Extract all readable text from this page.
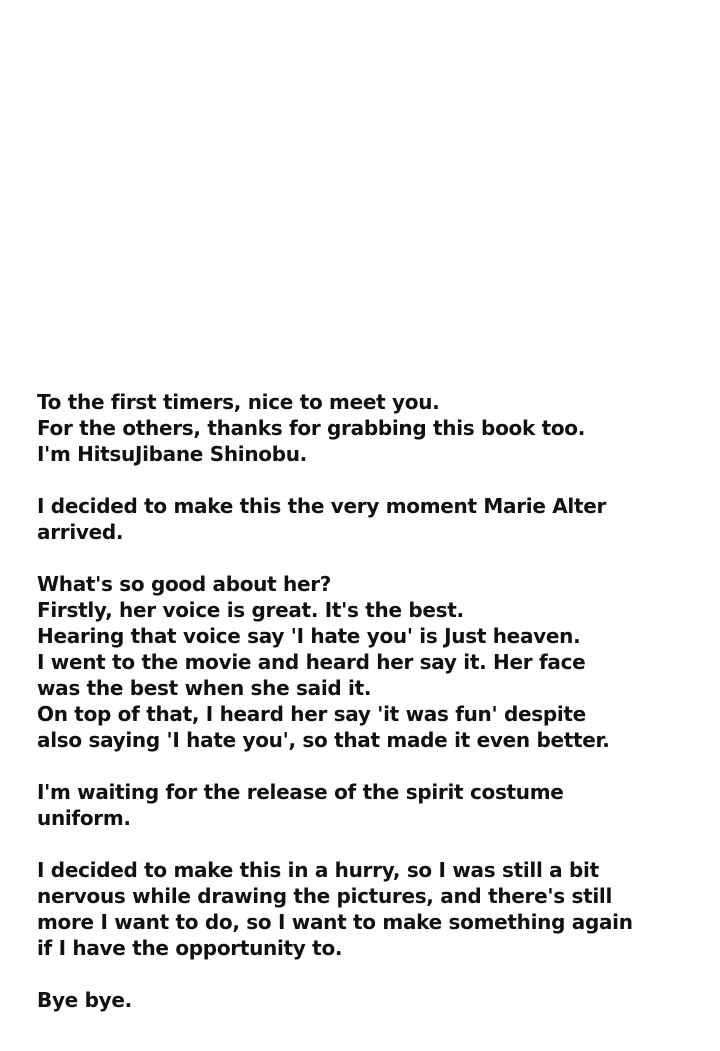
To the first timers, nice to meet you.
For the others, thanks for grabbing this book too.
I'm HitsuJibane Shinobu.

I decided to make this the very moment Marie Alter
arrived.

What's so good about her?
Firstly, her voice is great. It's the best.
Hearing that voice say 'I hate you' is Just heaven.
I went to the movie and heard her say it. Her face
was the best when she said it.
On top of that, I heard her say 'it was fun' despite
also saying 'I hate you', so that made it even better.

I'm waiting for the release of the spirit costume
uniform.

I decided to make this in a hurry, so I was still a bit
nervous while drawing the pictures, and there's still
more I want to do, so I want to make something again
if I have the opportunity to.

Bye bye.
